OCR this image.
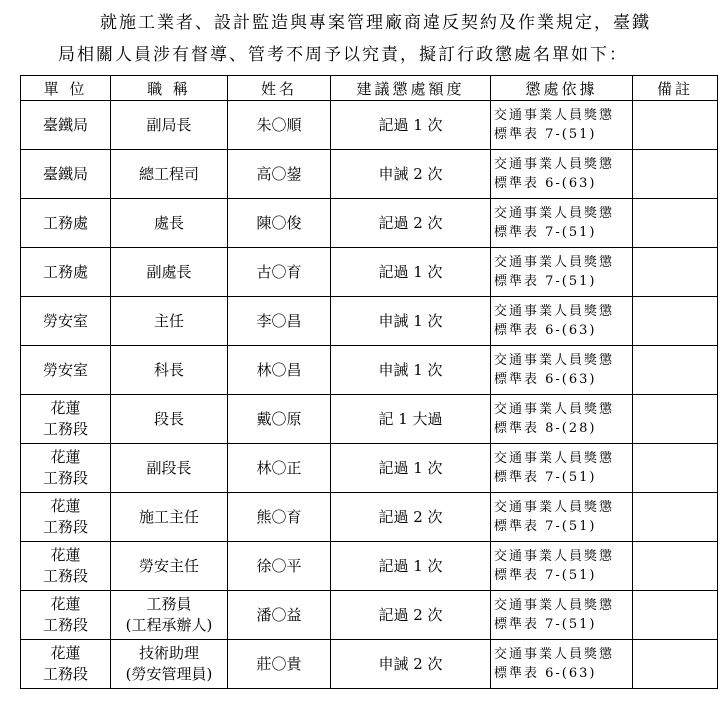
就施工業者、設計監造與專案管理廠商違反契約及作業規定，臺鐵
局相關人員涉有督導、管考不周予以究責，擬訂行政懲處名單如下：
單 位	職 稱	姓名	建議懲處額度	懲處依據	備註

臺鐵局	副局長	朱〇順	記過 1 次	交通事業人員獎懲
標準表 7-(51)	

臺鐵局	總工程司	高〇鋆	申誡 2 次	交通事業人員獎懲
標準表 6-(63)	

工務處	處長	陳〇俊	記過 2 次	交通事業人員獎懲
標準表 7-(51)	

工務處	副處長	古〇育	記過 1 次	交通事業人員獎懲
標準表 7-(51)	

勞安室	主任	李〇昌	申誡 1 次	交通事業人員獎懲
標準表 6-(63)	

勞安室	科長	林〇昌	申誡 1 次	交通事業人員獎懲
標準表 6-(63)	

花蓮
工務段	段長	戴〇原	記 1 大過	交通事業人員獎懲
標準表 8-(28)	

花蓮
工務段	副段長	林〇正	記過 1 次	交通事業人員獎懲
標準表 7-(51)	

花蓮
工務段	施工主任	熊〇育	記過 2 次	交通事業人員獎懲
標準表 7-(51)	

花蓮
工務段	勞安主任	徐〇平	記過 1 次	交通事業人員獎懲
標準表 7-(51)	

花蓮
工務段	工務員
(工程承辦人)	潘〇益	記過 2 次	交通事業人員獎懲
標準表 7-(51)	

花蓮
工務段	技術助理
(勞安管理員)	莊〇貴	申誡 2 次	交通事業人員獎懲
標準表 6-(63)	
